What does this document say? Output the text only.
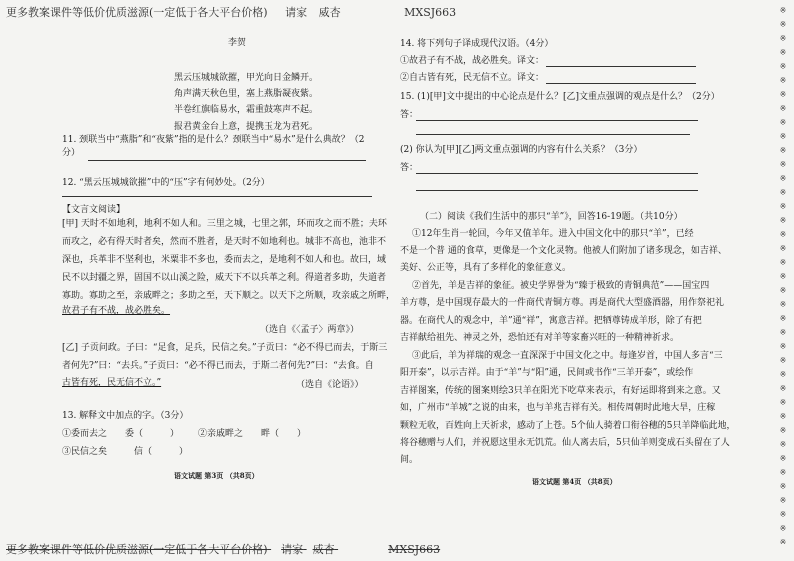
更多教案课件等低价优质滋源(一定低于各大平台价格) 请家 威杏	MXSJ663	※※※※※※※※※※※※※※※※※※※※※※※※※※※※※※※※※※※※※※※
李贺
黑云压城城欲摧，甲光向日金鳞开。
角声满天秋色里，塞上燕脂凝夜紫。
半卷红旗临易水，霜重鼓寒声不起。
报君黄金台上意，提携玉龙为君死。
11. 颈联当中“燕脂”和“夜紫”指的是什么？颈联当中“易水”是什么典故？（2
分）
12. “黑云压城城欲摧”中的“压”字有何妙处。（2分）
【文言文阅读】
[甲] 天时不如地利，地利不如人和。三里之城，七里之郭，环而攻之而不胜；夫环
而攻之，必有得天时者矣，然而不胜者，是天时不如地利也。城非不高也，池非不
深也，兵革非不坚利也，米粟非不多也，委而去之，是地利不如人和也。故曰，域
民不以封疆之界，固国不以山溪之险，威天下不以兵革之利。得道者多助，失道者
寡助。寡助之至，亲戚畔之；多助之至，天下顺之。以天下之所顺，攻亲戚之所畔，
故君子有不战，战必胜矣。
（选自《〈孟子〉两章》）
[乙] 子贡问政。子曰：“足食，足兵，民信之矣。”子贡曰：“必不得已而去，于斯三
者何先?”曰：“去兵。”子贡曰：“必不得已而去，于斯二者何先?”曰：“去食。自
古皆有死，民无信不立。”	（选自《论语》）
13. 解释文中加点的字。（3分）
①委而去之　　委（　　　） ②亲戚畔之　　畔（　　）
③民信之矣　　　信（　　　）
语文试题 第3页 （共8页）
14. 将下列句子译成现代汉语。（4分）
①故君子有不战，战必胜矣。译文：
②自古皆有死，民无信不立。译文：
15. (1)[甲]文中提出的中心论点是什么？[乙]文重点强调的观点是什么？（2分）
答：
(2) 你认为[甲][乙]两文重点强调的内容有什么关系？（3分）
答：
（二）阅读《我们生活中的那只“羊”》，回答16-19题。（共10分）
①12年生肖一轮回，今年又值羊年。进入中国文化中的那只“羊”，已经
不是一个普 通的食草，更像是一个文化灵物。他被人们附加了诸多现念，如吉祥、
美好、公正等，具有了多样化的象征意义。
②首先，羊是吉祥的象征。被史学界誉为“臻于极致的青铜典范”——国宝四
羊方尊，是中国现存最大的一件商代青铜方尊。再是商代大型盛酒器，用作祭祀礼
器。在商代人的观念中，羊”通“祥”，寓意吉祥。把牺尊铸成羊形，除了有把
吉祥献给祖先、神灵之外，恐怕还有对羊等家畜兴旺的一种精神祈求。
③此后，羊为祥瑞的观念一直深深于中国文化之中。每逢岁首，中国人多言“三
阳开泰”，以示吉祥。由于“羊”与“阳”通，民间或书作“三羊开泰”，或绘作
吉祥图案，传统的图案则绘3只羊在阳光下吃草来表示，有好运即将到来之意。又
如，广州市“羊城”之说的由来，也与羊兆吉祥有关。相传周朝时此地大旱，庄稼
颗粒无收，百姓向上天祈求，感动了上苍。5个仙人骑着口衔谷穗的5只羊降临此地，
将谷穗赠与人们，并祝愿这里永无饥荒。仙人离去后，5只仙羊则变成石头留在了人
间。
语文试题 第4页 （共8页）
更多教案课件等低价优质滋源(一定低于各大平台价格) 请家 威杏	MXSJ663
